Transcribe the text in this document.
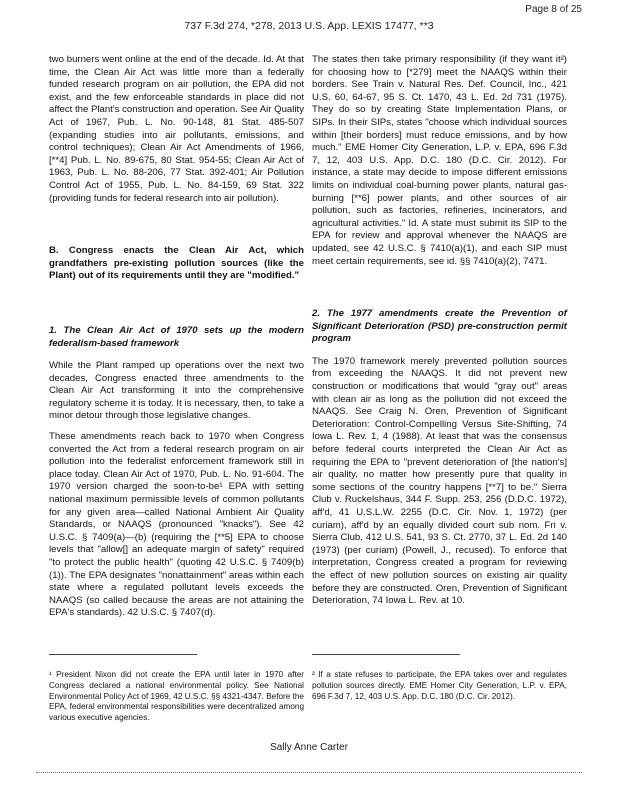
Page 8 of 25
737 F.3d 274, *278, 2013 U.S. App. LEXIS 17477, **3

two burners went online at the end of the decade. Id. At that time, the Clean Air Act was little more than a federally funded research program on air pollution, the EPA did not exist, and the few enforceable standards in place did not affect the Plant's construction and operation. See Air Quality Act of 1967, Pub. L. No. 90-148, 81 Stat. 485-507 (expanding studies into air pollutants, emissions, and control techniques); Clean Air Act Amendments of 1966, [**4] Pub. L. No. 89-675, 80 Stat. 954-55; Clean Air Act of 1963, Pub. L. No. 88-206, 77 Stat. 392-401; Air Pollution Control Act of 1955, Pub. L. No. 84-159, 69 Stat. 322 (providing funds for federal research into air pollution).

B. Congress enacts the Clean Air Act, which grandfathers pre-existing pollution sources (like the Plant) out of its requirements until they are "modified."

1. The Clean Air Act of 1970 sets up the modern federalism-based framework

While the Plant ramped up operations over the next two decades, Congress enacted three amendments to the Clean Air Act transforming it into the comprehensive regulatory scheme it is today. It is necessary, then, to take a minor detour through those legislative changes.

These amendments reach back to 1970 when Congress converted the Act from a federal research program on air pollution into the federalist enforcement framework still in place today. Clean Air Act of 1970, Pub. L. No. 91-604. The 1970 version charged the soon-to-be¹ EPA with setting national maximum permissible levels of common pollutants for any given area—called National Ambient Air Quality Standards, or NAAQS (pronounced "knacks"). See 42 U.S.C. § 7409(a)—(b) (requiring the [**5] EPA to choose levels that "allow[] an adequate margin of safety" required "to protect the public health" (quoting 42 U.S.C. § 7409(b)(1)). The EPA designates "nonattainment" areas within each state where a regulated pollutant levels exceeds the NAAQS (so called because the areas are not attaining the EPA's standards). 42 U.S.C. § 7407(d).

The states then take primary responsibility (if they want it²) for choosing how to [*279] meet the NAAQS within their borders. See Train v. Natural Res. Def. Council, Inc., 421 U.S. 60, 64-67, 95 S. Ct. 1470, 43 L. Ed. 2d 731 (1975). They do so by creating State Implementation Plans, or SIPs. In their SIPs, states "choose which individual sources within [their borders] must reduce emissions, and by how much." EME Homer City Generation, L.P. v. EPA, 696 F.3d 7, 12, 403 U.S. App. D.C. 180 (D.C. Cir. 2012). For instance, a state may decide to impose different emissions limits on individual coal-burning power plants, natural gas-burning [**6] power plants, and other sources of air pollution, such as factories, refineries, incinerators, and agricultural activities." Id. A state must submit its SIP to the EPA for review and approval whenever the NAAQS are updated, see 42 U.S.C. § 7410(a)(1), and each SIP must meet certain requirements, see id. §§ 7410(a)(2), 7471.

2. The 1977 amendments create the Prevention of Significant Deterioration (PSD) pre-construction permit program

The 1970 framework merely prevented pollution sources from exceeding the NAAQS. It did not prevent new construction or modifications that would "gray out" areas with clean air as long as the pollution did not exceed the NAAQS. See Craig N. Oren, Prevention of Significant Deterioration: Control-Compelling Versus Site-Shifting, 74 Iowa L. Rev. 1, 4 (1988). At least that was the consensus before federal courts interpreted the Clean Air Act as requiring the EPA to "prevent deterioration of [the nation's] air quality, no matter how presently pure that quality in some sections of the country happens [**7] to be." Sierra Club v. Ruckelshaus, 344 F. Supp. 253, 256 (D.D.C. 1972), aff'd, 41 U.S.L.W. 2255 (D.C. Cir. Nov. 1, 1972) (per curiam), aff'd by an equally divided court sub nom. Fri v. Sierra Club, 412 U.S. 541, 93 S. Ct. 2770, 37 L. Ed. 2d 140 (1973) (per curiam) (Powell, J., recused). To enforce that interpretation, Congress created a program for reviewing the effect of new pollution sources on existing air quality before they are constructed. Oren, Prevention of Significant Deterioration, 74 Iowa L. Rev. at 10.

¹ President Nixon did not create the EPA until later in 1970 after Congress declared a national environmental policy. See National Environmental Policy Act of 1969, 42 U.S.C. §§ 4321-4347. Before the EPA, federal environmental responsibilities were decentralized among various executive agencies.
² If a state refuses to participate, the EPA takes over and regulates pollution sources directly. EME Homer City Generation, L.P. v. EPA, 696 F.3d 7, 12, 403 U.S. App. D.C. 180 (D.C. Cir. 2012).
Sally Anne Carter
